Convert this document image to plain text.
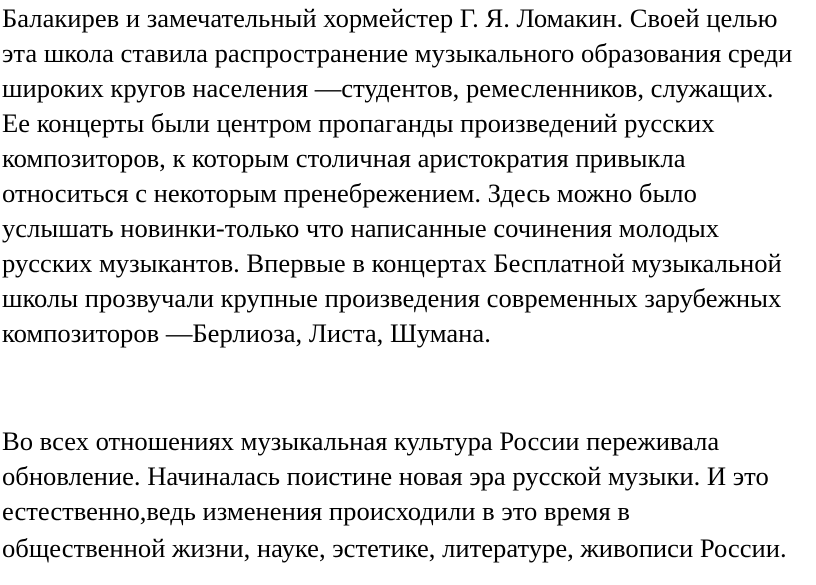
Балакирев и замечательный хормейстер Г. Я. Ломакин. Своей целью
эта школа ставила распространение музыкального образования среди
широких кругов населения —студентов, ремесленников, служащих.
Ее концерты были центром пропаганды произведений русских
композиторов, к которым столичная аристократия привыкла
относиться с некоторым пренебрежением. Здесь можно было
услышать новинки-только что написанные сочинения молодых
русских музыкантов. Впервые в концертах Бесплатной музыкальной
школы прозвучали крупные произведения современных зарубежных
композиторов —Берлиоза, Листа, Шумана.
Во всех отношениях музыкальная культура России переживала
обновление. Начиналась поистине новая эра русской музыки. И это
естественно,ведь изменения происходили в это время в
общественной жизни, науке, эстетике, литературе, живописи России.
